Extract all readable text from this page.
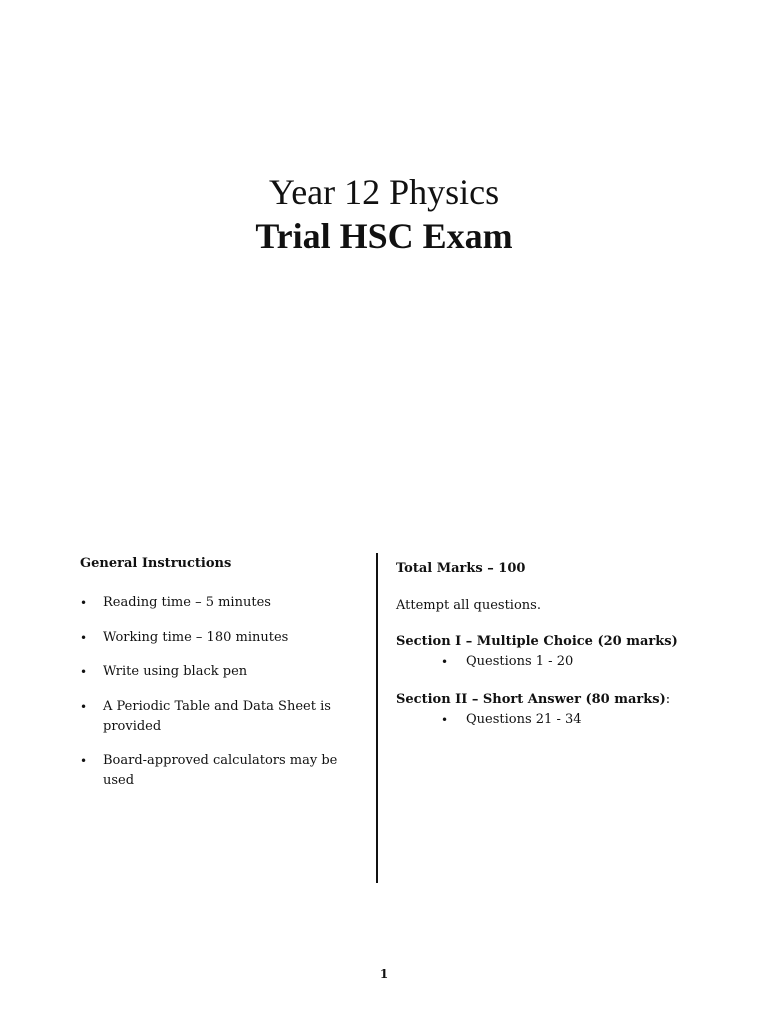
Year 12 Physics
Trial HSC Exam
General Instructions
• Reading time – 5 minutes
• Working time – 180 minutes
• Write using black pen
• A Periodic Table and Data Sheet is provided
• Board-approved calculators may be used
Total Marks – 100
Attempt all questions.
Section I – Multiple Choice (20 marks)
• Questions 1 - 20
Section II – Short Answer (80 marks):
• Questions 21 - 34
1
